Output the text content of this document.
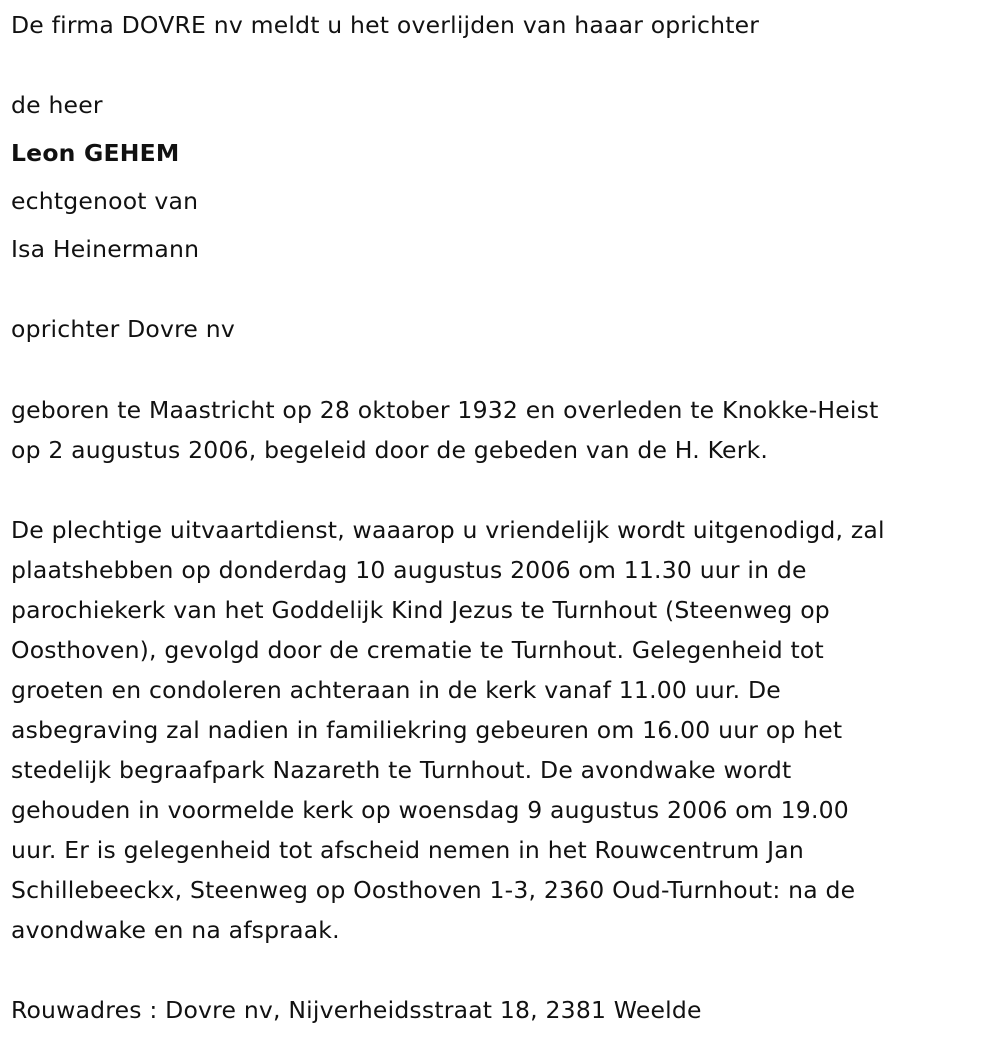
De firma DOVRE nv meldt u het overlijden van haaar oprichter
de heer
Leon GEHEM
echtgenoot van
Isa Heinermann
oprichter Dovre nv
geboren te Maastricht op 28 oktober 1932 en overleden te Knokke-Heist
op 2 augustus 2006, begeleid door de gebeden van de H. Kerk.
De plechtige uitvaartdienst, waaarop u vriendelijk wordt uitgenodigd, zal
plaatshebben op donderdag 10 augustus 2006 om 11.30 uur in de
parochiekerk van het Goddelijk Kind Jezus te Turnhout (Steenweg op
Oosthoven), gevolgd door de crematie te Turnhout. Gelegenheid tot
groeten en condoleren achteraan in de kerk vanaf 11.00 uur. De
asbegraving zal nadien in familiekring gebeuren om 16.00 uur op het
stedelijk begraafpark Nazareth te Turnhout. De avondwake wordt
gehouden in voormelde kerk op woensdag 9 augustus 2006 om 19.00
uur. Er is gelegenheid tot afscheid nemen in het Rouwcentrum Jan
Schillebeeckx, Steenweg op Oosthoven 1-3, 2360 Oud-Turnhout: na de
avondwake en na afspraak.
Rouwadres : Dovre nv, Nijverheidsstraat 18, 2381 Weelde
